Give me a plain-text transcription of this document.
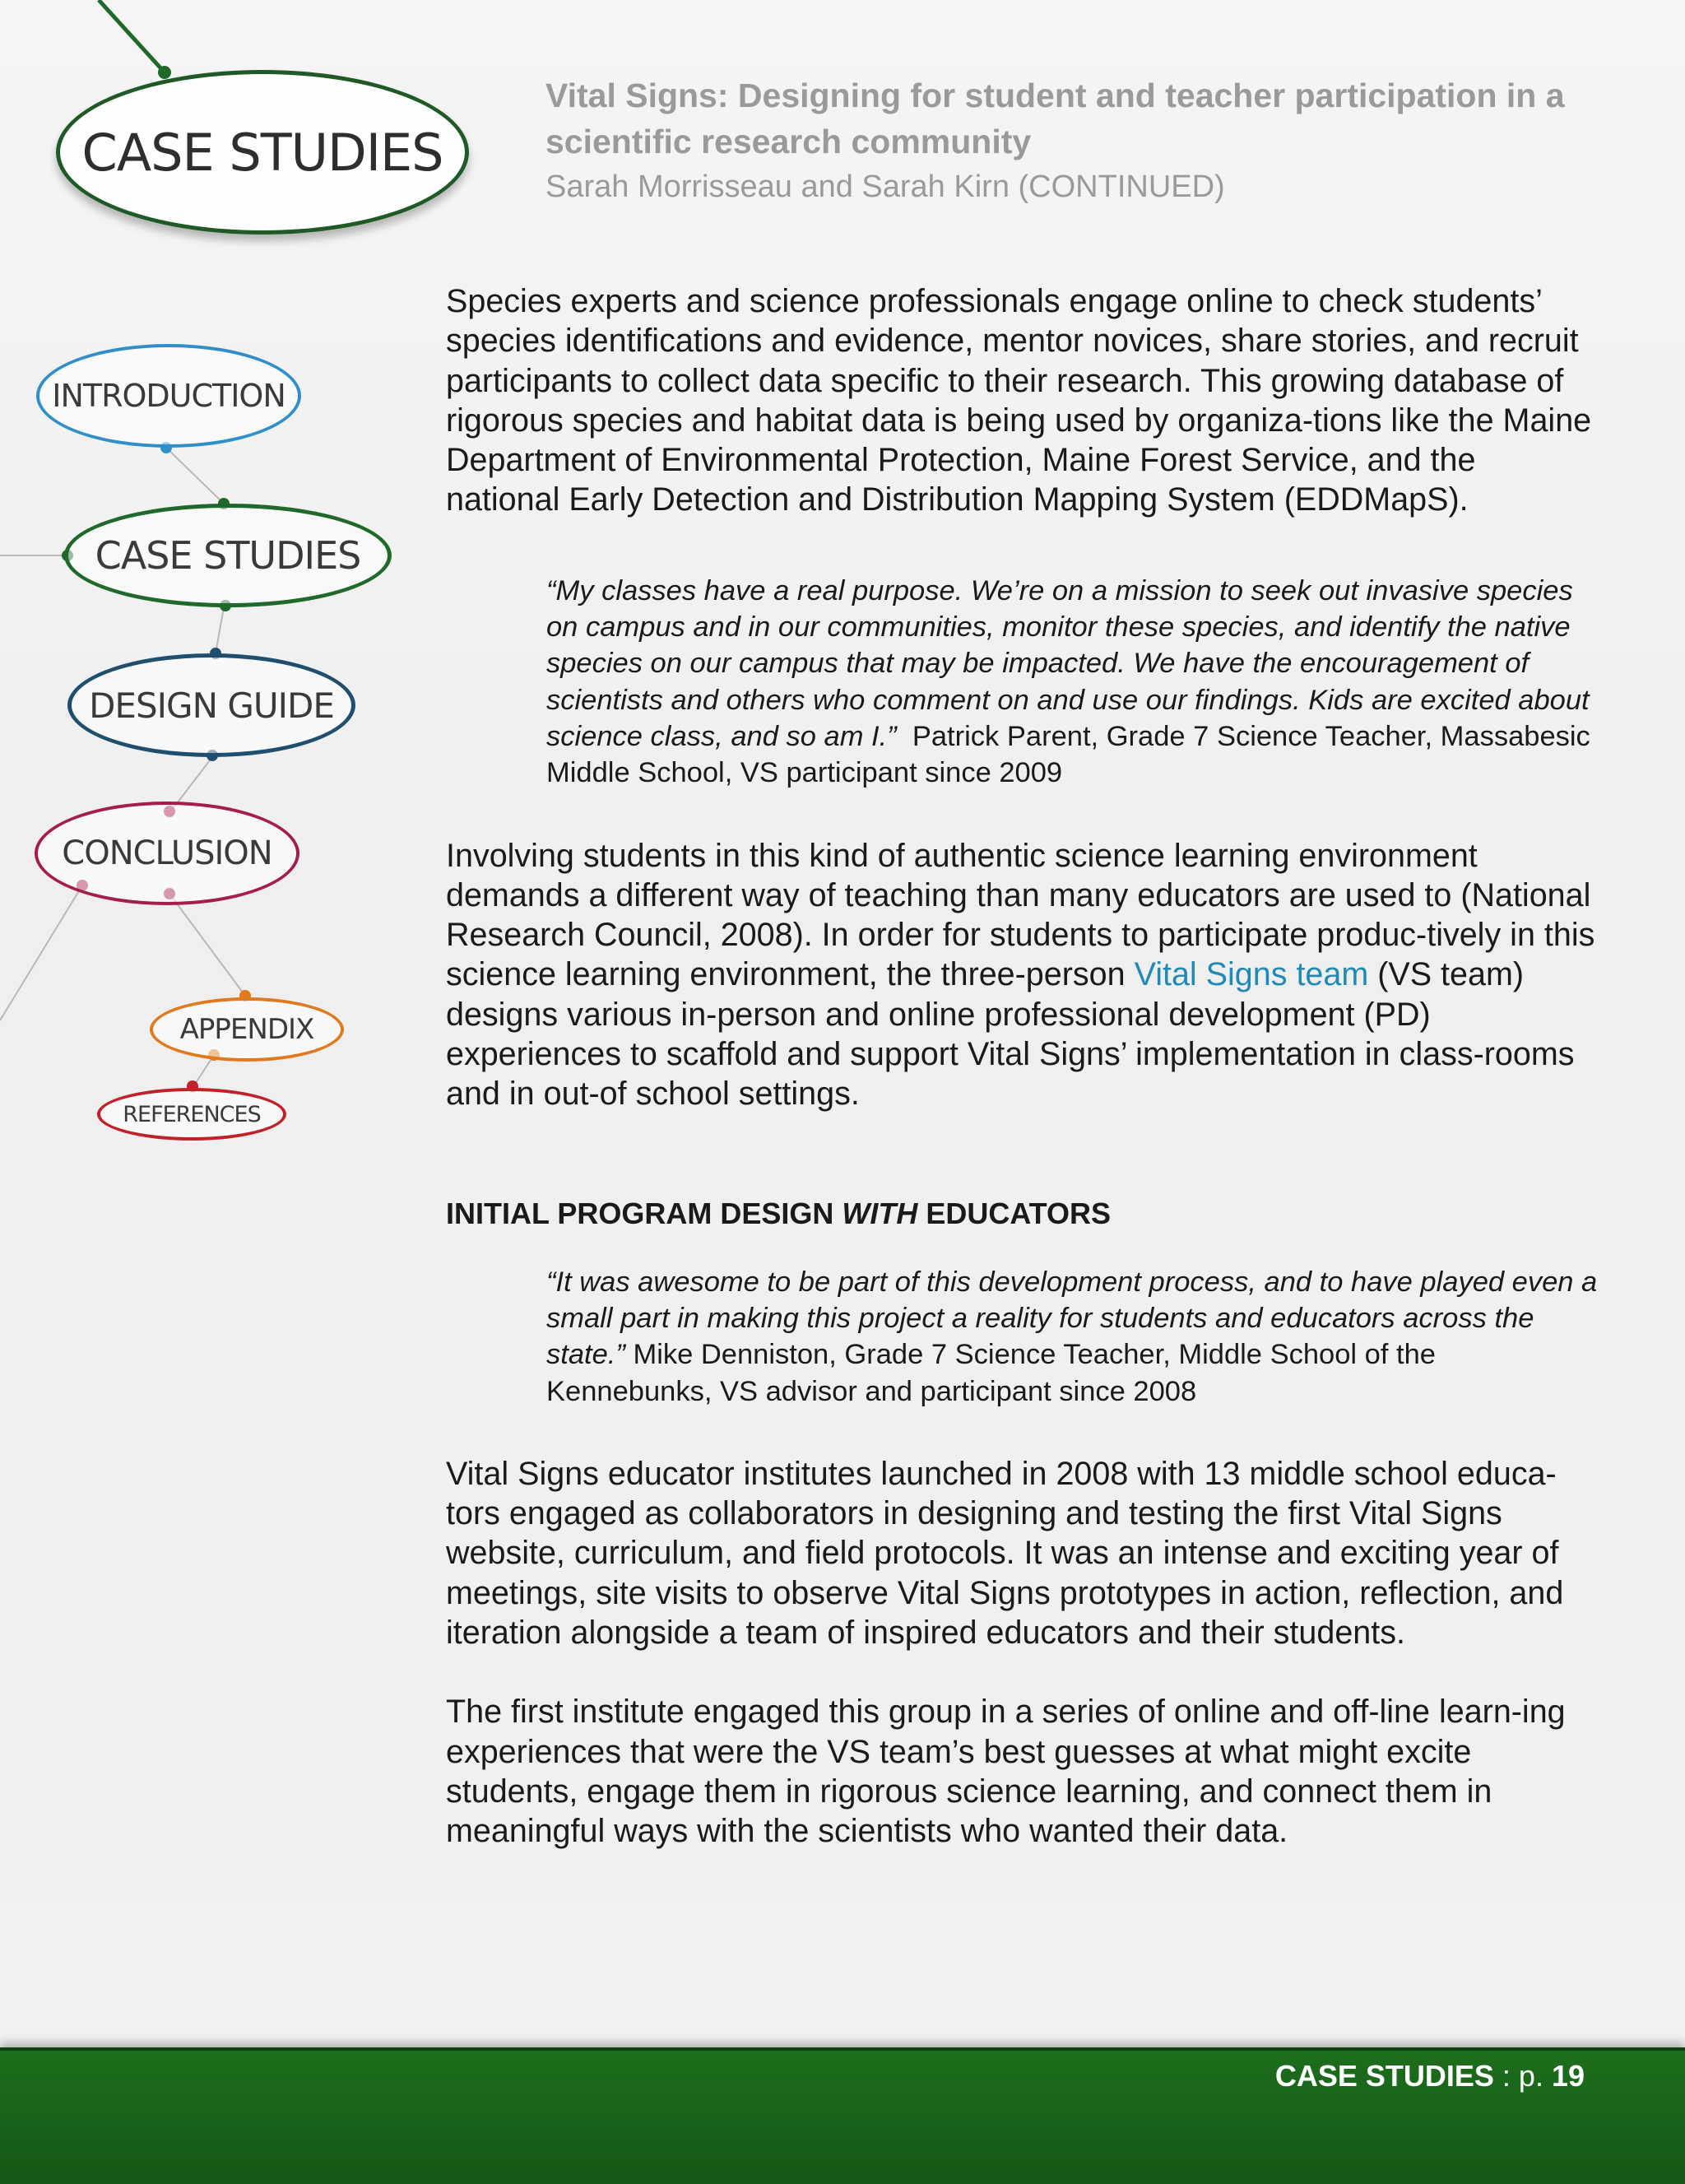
CASE STUDIES
INTRODUCTION
CASE STUDIES
DESIGN GUIDE
CONCLUSION
APPENDIX
REFERENCES
Vital Signs: Designing for student and teacher participation in a scientific research community

Sarah Morrisseau and Sarah Kirn (CONTINUED)

Species experts and science professionals engage online to check students’ species identifications and evidence, mentor novices, share stories, and recruit participants to collect data specific to their research. This growing database of rigorous species and habitat data is being used by organiza-tions like the Maine Department of Environmental Protection, Maine Forest Service, and the national Early Detection and Distribution Mapping System (EDDMapS).

“My classes have a real purpose. We’re on a mission to seek out invasive species on campus and in our communities, monitor these species, and identify the native species on our campus that may be impacted. We have the encouragement of scientists and others who comment on and use our findings. Kids are excited about science class, and so am I.” Patrick Parent, Grade 7 Science Teacher, Massabesic Middle School, VS participant since 2009

Involving students in this kind of authentic science learning environment demands a different way of teaching than many educators are used to (National Research Council, 2008). In order for students to participate produc-tively in this science learning environment, the three-person Vital Signs team (VS team) designs various in-person and online professional development (PD) experiences to scaffold and support Vital Signs’ implementation in class-rooms and in out-of school settings.

INITIAL PROGRAM DESIGN WITH EDUCATORS

“It was awesome to be part of this development process, and to have played even a small part in making this project a reality for students and educators across the state.” Mike Denniston, Grade 7 Science Teacher, Middle School of the Kennebunks, VS advisor and participant since 2008

Vital Signs educator institutes launched in 2008 with 13 middle school educa-tors engaged as collaborators in designing and testing the first Vital Signs website, curriculum, and field protocols. It was an intense and exciting year of meetings, site visits to observe Vital Signs prototypes in action, reflection, and iteration alongside a team of inspired educators and their students.

The first institute engaged this group in a series of online and off-line learn-ing experiences that were the VS team’s best guesses at what might excite students, engage them in rigorous science learning, and connect them in meaningful ways with the scientists who wanted their data.

CASE STUDIES : p. 19
